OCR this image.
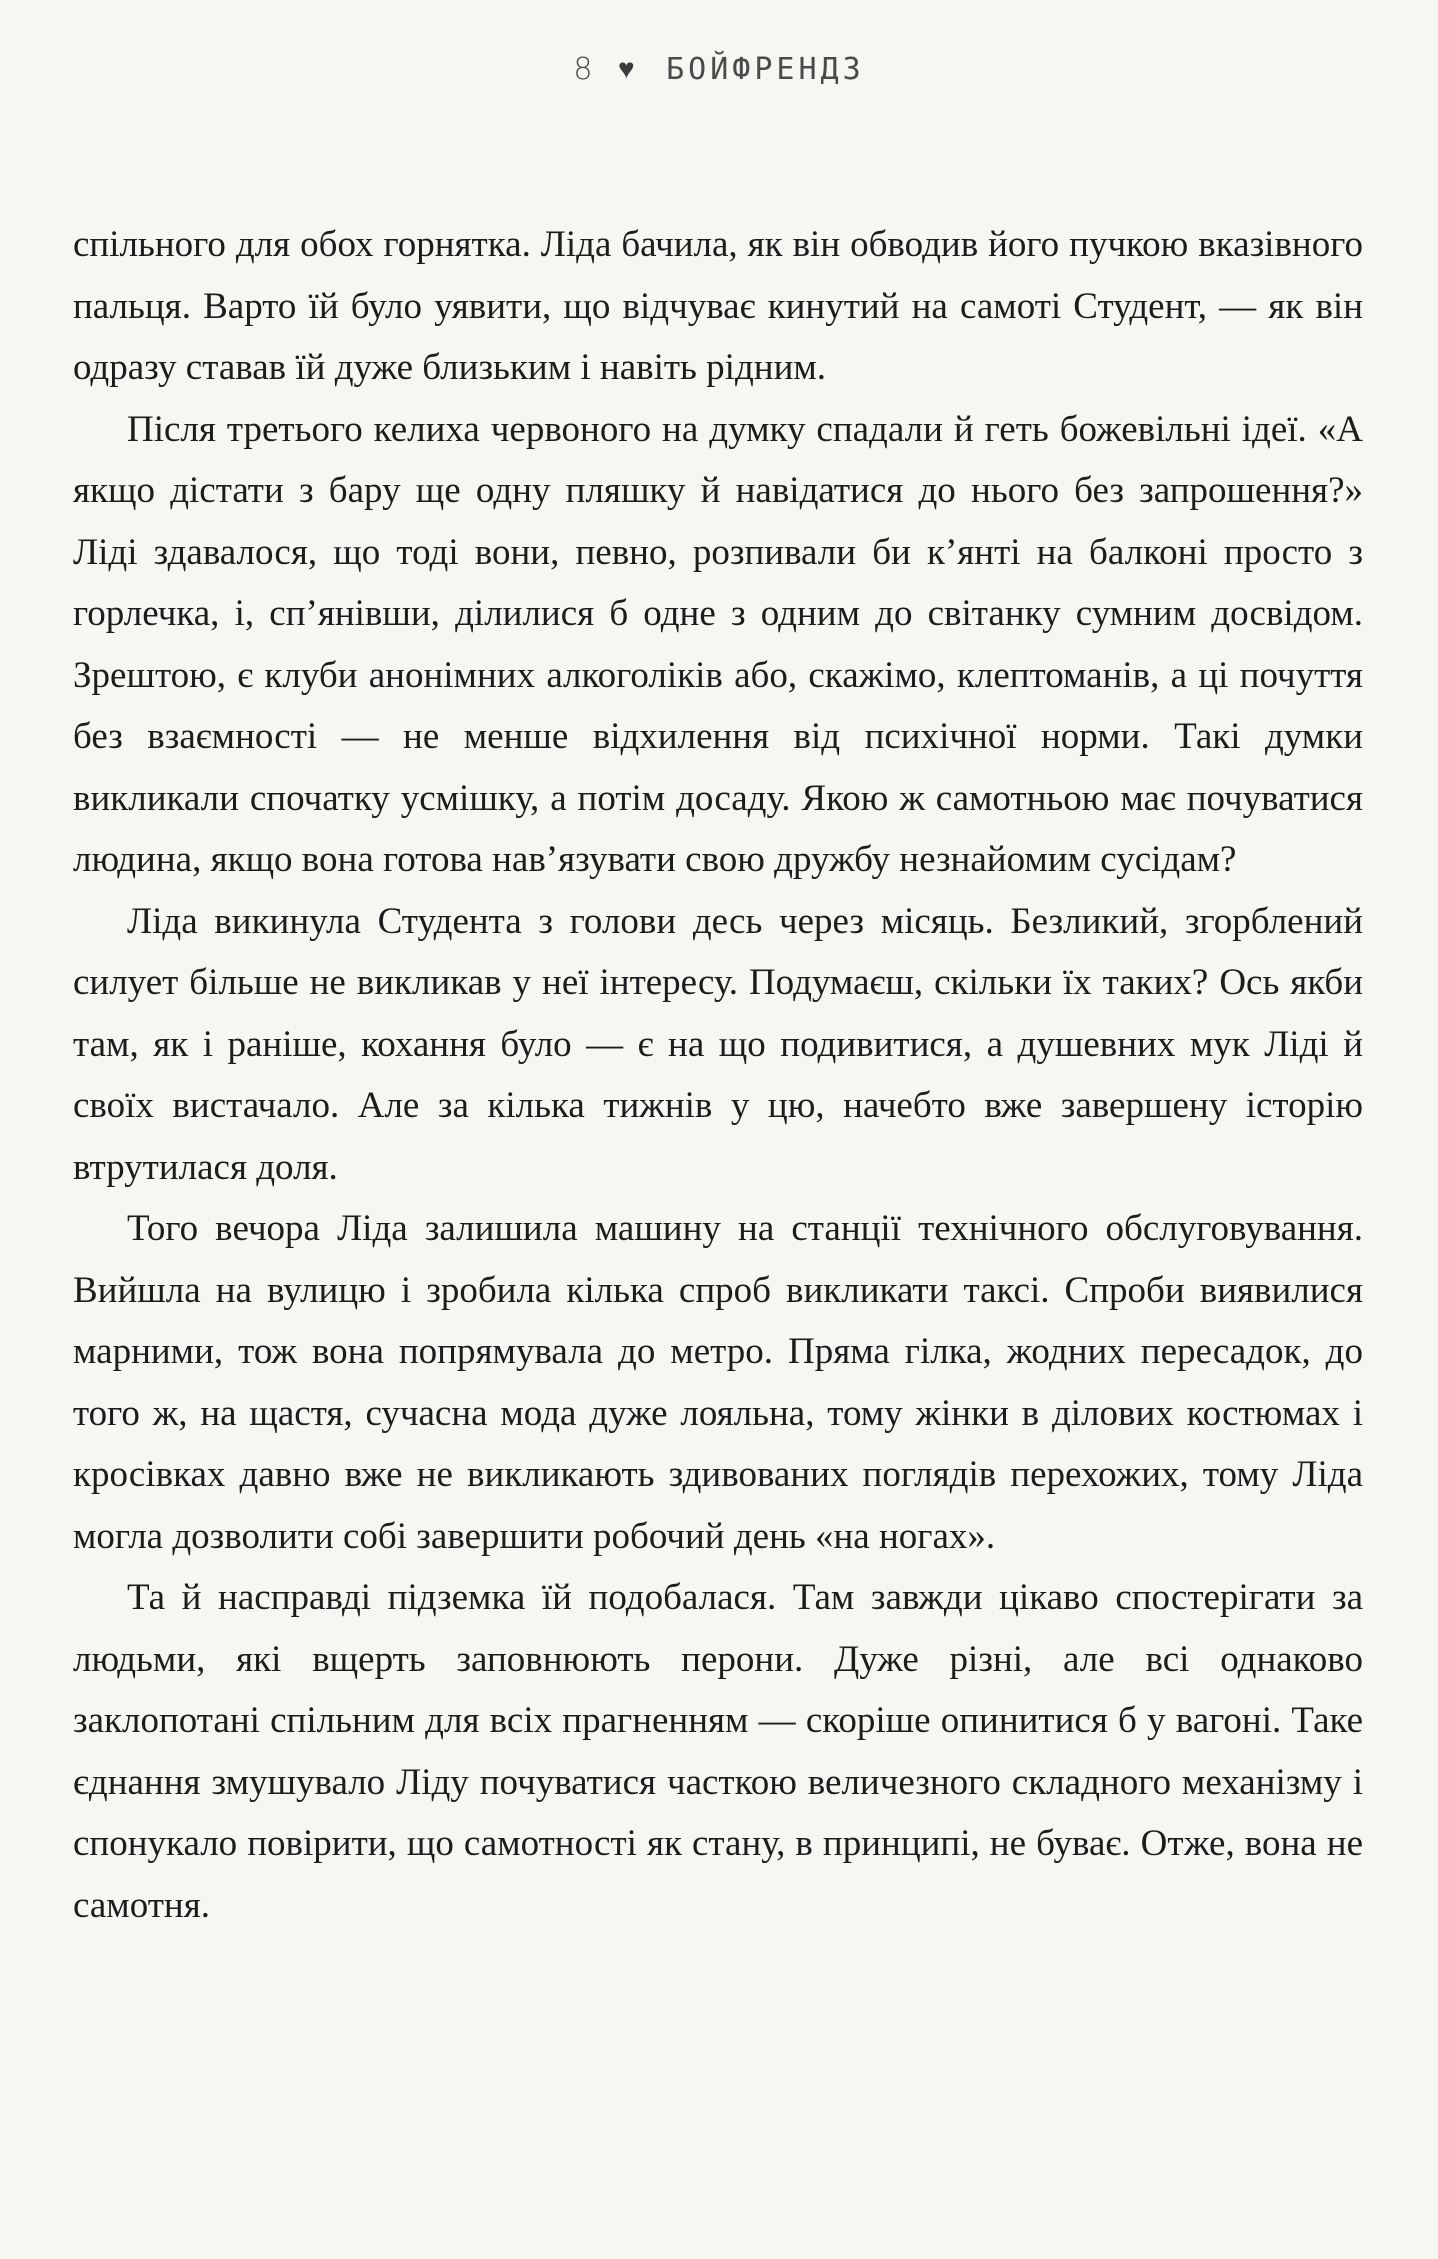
8 ♥ БОЙФРЕНДЗ

спільного для обох горнятка. Ліда бачила, як він обводив його пучкою вказівного пальця. Варто їй було уявити, що відчуває кинутий на самоті Студент, — як він одразу ставав їй дуже близьким і навіть рідним.

Після третього келиха червоного на думку спадали й геть божевільні ідеї. «А якщо дістати з бару ще одну пляшку й навідатися до нього без запрошення?» Ліді здавалося, що тоді вони, певно, розпивали би к’янті на балконі просто з горлечка, і, сп’янівши, ділилися б одне з одним до світанку сумним досвідом. Зрештою, є клуби анонімних алкоголіків або, скажімо, клептоманів, а ці почуття без взаємності — не менше відхилення від психічної норми. Такі думки викликали спочатку усмішку, а потім досаду. Якою ж самотньою має почуватися людина, якщо вона готова нав’язувати свою дружбу незнайомим сусідам?

Ліда викинула Студента з голови десь через місяць. Безликий, згорблений силует більше не викликав у неї інтересу. Подумаєш, скільки їх таких? Ось якби там, як і раніше, кохання було — є на що подивитися, а душевних мук Ліді й своїх вистачало. Але за кілька тижнів у цю, начебто вже завершену історію втрутилася доля.

Того вечора Ліда залишила машину на станції технічного обслуговування. Вийшла на вулицю і зробила кілька спроб викликати таксі. Спроби виявилися марними, тож вона попрямувала до метро. Пряма гілка, жодних пересадок, до того ж, на щастя, сучасна мода дуже лояльна, тому жінки в ділових костюмах і кросівках давно вже не викликають здивованих поглядів перехожих, тому Ліда могла дозволити собі завершити робочий день «на ногах».

Та й насправді підземка їй подобалася. Там завжди цікаво спостерігати за людьми, які вщерть заповнюють перони. Дуже різні, але всі однаково заклопотані спільним для всіх прагненням — скоріше опинитися б у вагоні. Таке єднання змушувало Ліду почуватися часткою величезного складного механізму і спонукало повірити, що самотності як стану, в принципі, не буває. Отже, вона не самотня.
